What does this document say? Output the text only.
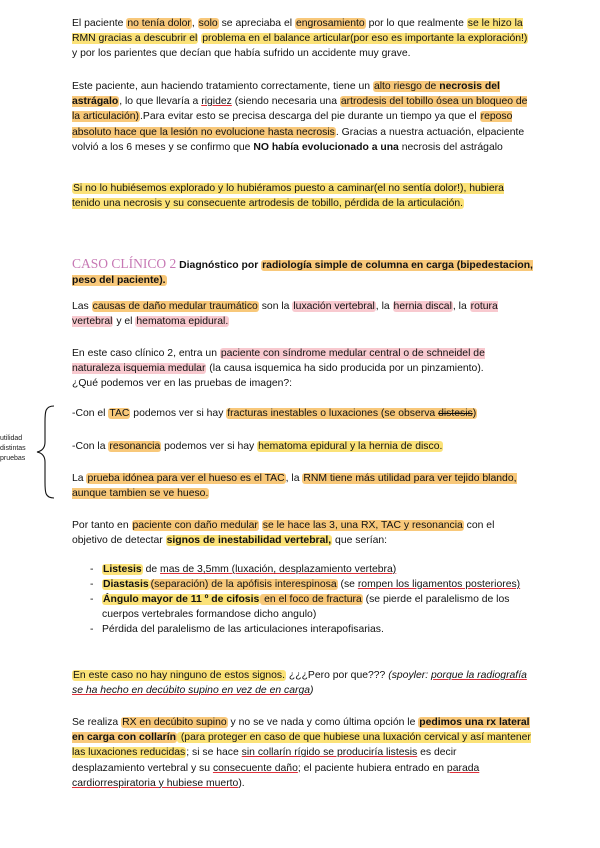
El paciente no tenía dolor, solo se apreciaba el engrosamiento por lo que realmente se le hizo la RMN gracias a descubrir el problema en el balance articular(por eso es importante la exploración!) y por los parientes que decían que había sufrido un accidente muy grave.

Este paciente, aun haciendo tratamiento correctamente, tiene un alto riesgo de necrosis del astrágalo, lo que llevaría a rigidez (siendo necesaria una artrodesis del tobillo ósea un bloqueo de la articulación).Para evitar esto se precisa descarga del pie durante un tiempo ya que el reposo absoluto hace que la lesión no evolucione hasta necrosis. Gracias a nuestra actuación, elpaciente volvió a los 6 meses y se confirmo que NO había evolucionado a una necrosis del astrágalo

Si no lo hubiésemos explorado y lo hubiéramos puesto a caminar(el no sentía dolor!), hubiera tenido una necrosis y su consecuente artrodesis de tobillo, pérdida de la articulación.

CASO CLÍNICO 2 Diagnóstico por radiología simple de columna en carga (bipedestacion, peso del paciente).

Las causas de daño medular traumático son la luxación vertebral, la hernia discal, la rotura vertebral y el hematoma epidural.

En este caso clínico 2, entra un paciente con síndrome medular central o de schneidel de naturaleza isquemia medular (la causa isquemica ha sido producida por un pinzamiento).
¿Qué podemos ver en las pruebas de imagen?:

utilidad distintas pruebas

-Con el TAC podemos ver si hay fracturas inestables o luxaciones (se observa distesis)

-Con la resonancia podemos ver si hay hematoma epidural y la hernia de disco.

La prueba idónea para ver el hueso es el TAC, la RNM tiene más utilidad para ver tejido blando, aunque tambien se ve hueso.

Por tanto en paciente con daño medular se le hace las 3, una RX, TAC y resonancia con el objetivo de detectar signos de inestabilidad vertebral, que serían:

- Listesis de mas de 3,5mm (luxación, desplazamiento vertebra)
- Diastasis (separación) de la apófisis interespinosa (se rompen los ligamentos posteriores)
- Ángulo mayor de 11 º de cifosis en el foco de fractura (se pierde el paralelismo de los cuerpos vertebrales formandose dicho angulo)
- Pérdida del paralelismo de las articulaciones interapofisarias.

En este caso no hay ninguno de estos signos. ¿¿¿Pero por que??? (spoyler: porque la radiografía se ha hecho en decúbito supino en vez de en carga)

Se realiza RX en decúbito supino y no se ve nada y como última opción le pedimos una rx lateral en carga con collarín (para proteger en caso de que hubiese una luxación cervical y así mantener las luxaciones reducidas; si se hace sin collarín rígido se produciría listesis es decir desplazamiento vertebral y su consecuente daño; el paciente hubiera entrado en parada cardiorrespiratoria y hubiese muerto).
